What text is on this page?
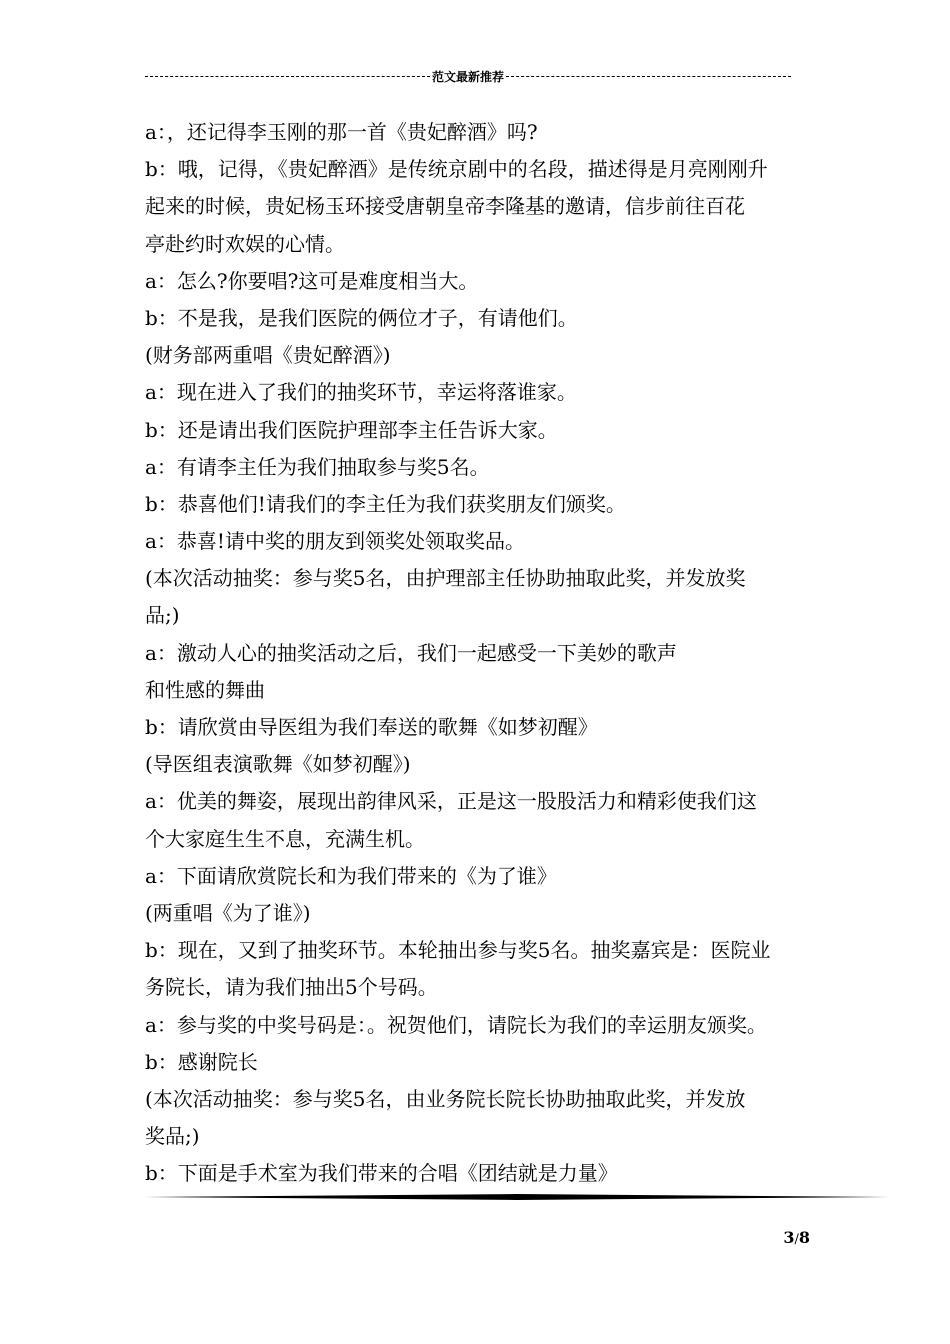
范文最新推荐
a：，还记得李玉刚的那一首《贵妃醉酒》吗?
b：哦，记得，《贵妃醉酒》是传统京剧中的名段，描述得是月亮刚刚升
起来的时候，贵妃杨玉环接受唐朝皇帝李隆基的邀请，信步前往百花
亭赴约时欢娱的心情。
a：怎么?你要唱?这可是难度相当大。
b：不是我，是我们医院的俩位才子，有请他们。
(财务部两重唱《贵妃醉酒》)
a：现在进入了我们的抽奖环节，幸运将落谁家。
b：还是请出我们医院护理部李主任告诉大家。
a：有请李主任为我们抽取参与奖5名。
b：恭喜他们!请我们的李主任为我们获奖朋友们颁奖。
a：恭喜!请中奖的朋友到领奖处领取奖品。
(本次活动抽奖：参与奖5名，由护理部主任协助抽取此奖，并发放奖
品;)
a：激动人心的抽奖活动之后，我们一起感受一下美妙的歌声
和性感的舞曲
b：请欣赏由导医组为我们奉送的歌舞《如梦初醒》
(导医组表演歌舞《如梦初醒》)
a：优美的舞姿，展现出韵律风采，正是这一股股活力和精彩使我们这
个大家庭生生不息，充满生机。
a：下面请欣赏院长和为我们带来的《为了谁》
(两重唱《为了谁》)
b：现在，又到了抽奖环节。本轮抽出参与奖5名。抽奖嘉宾是：医院业
务院长，请为我们抽出5个号码。
a：参与奖的中奖号码是：。祝贺他们，请院长为我们的幸运朋友颁奖。
b：感谢院长
(本次活动抽奖：参与奖5名，由业务院长院长协助抽取此奖，并发放
奖品;)
b：下面是手术室为我们带来的合唱《团结就是力量》
3/8
